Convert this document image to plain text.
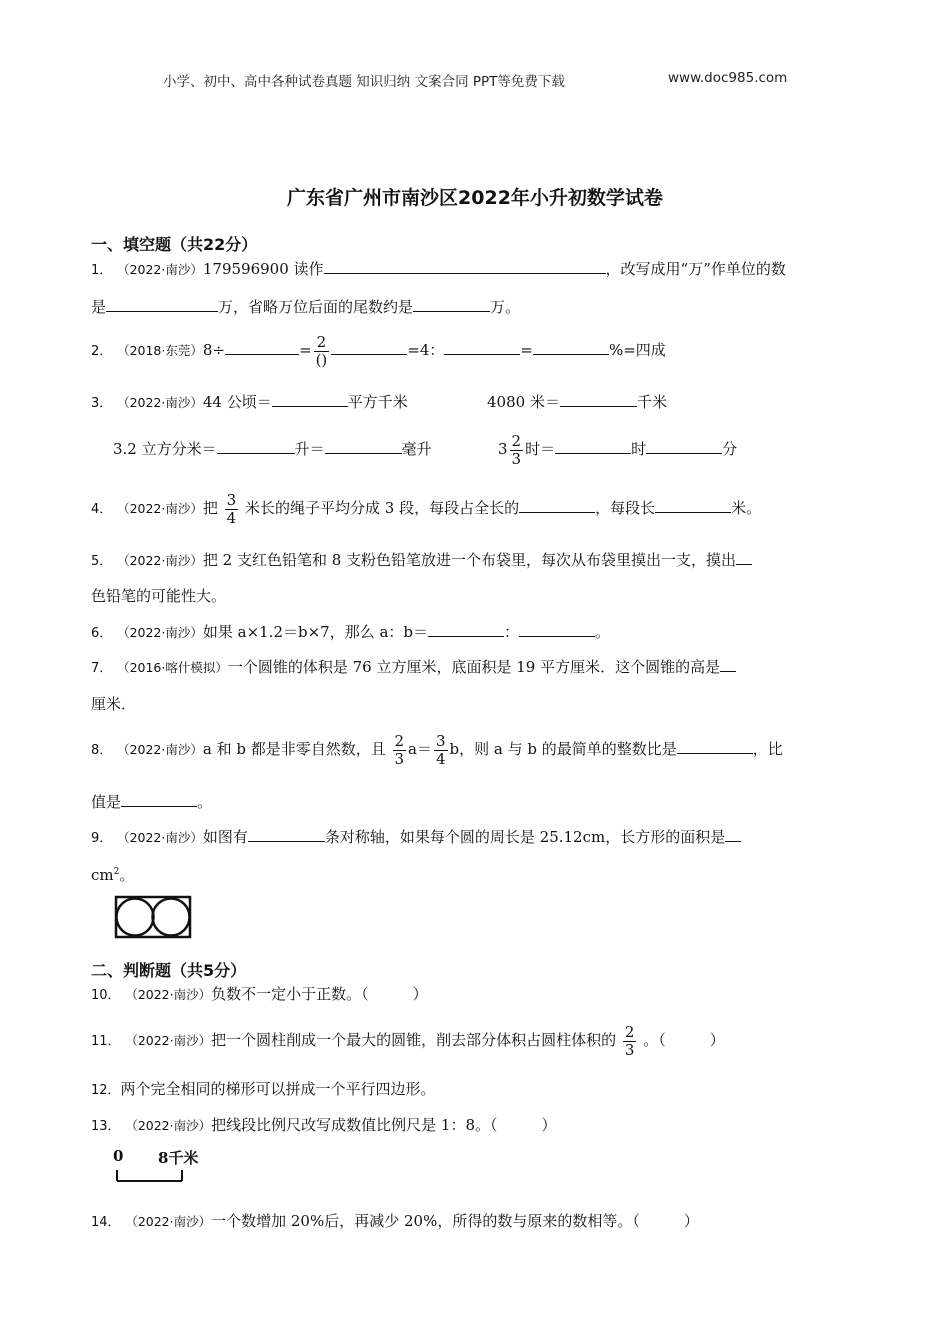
小学、初中、高中各种试卷真题 知识归纳 文案合同 PPT等免费下载	www.doc985.com
广东省广州市南沙区2022年小升初数学试卷
一、填空题（共22分）
1． （2022·南沙）179596900 读作	，改写成用“万”作单位的数
是	万，省略万位后面的尾数约是	万。
2． （2018·东莞）8÷	= $\frac{2}{()}$	=4：	=	%=四成
3． （2022·南沙）44 公顷＝	平方千米	4080 米＝	千米
3.2 立方分米＝	升＝	毫升	$3 \frac{2}{3}$ 时＝	时	分
4． （2022·南沙）把 $\frac{3}{4}$ 米长的绳子平均分成 3 段，每段占全长的	，每段长	米。
5． （2022·南沙）把 2 支红色铅笔和 8 支粉色铅笔放进一个布袋里，每次从布袋里摸出一支，摸出
色铅笔的可能性大。
6． （2022·南沙）如果 a×1.2＝b×7，那么 a：b＝	：	。
7． （2016·喀什模拟）一个圆锥的体积是 76 立方厘米，底面积是 19 平方厘米．这个圆锥的高是
厘米．
8． （2022·南沙）a 和 b 都是非零自然数，且 $\frac{2}{3} a= \frac{3}{4}$ b，则 a 与 b 的最简单的整数比是	，比
值是	。
9． （2022·南沙）如图有	条对称轴，如果每个圆的周长是 25.12cm，长方形的面积是
$cm^2$。
二、判断题（共5分）
10． （2022·南沙）负数不一定小于正数。（	）
11． （2022·南沙）把一个圆柱削成一个最大的圆锥，削去部分体积占圆柱体积的 $\frac{2}{3}$ 。（	）
12．两个完全相同的梯形可以拼成一个平行四边形。
13． （2022·南沙）把线段比例尺改写成数值比例尺是 1：8。（	）
0 8千米
14． （2022·南沙）一个数增加 20%后，再减少 20%，所得的数与原来的数相等。（	）
